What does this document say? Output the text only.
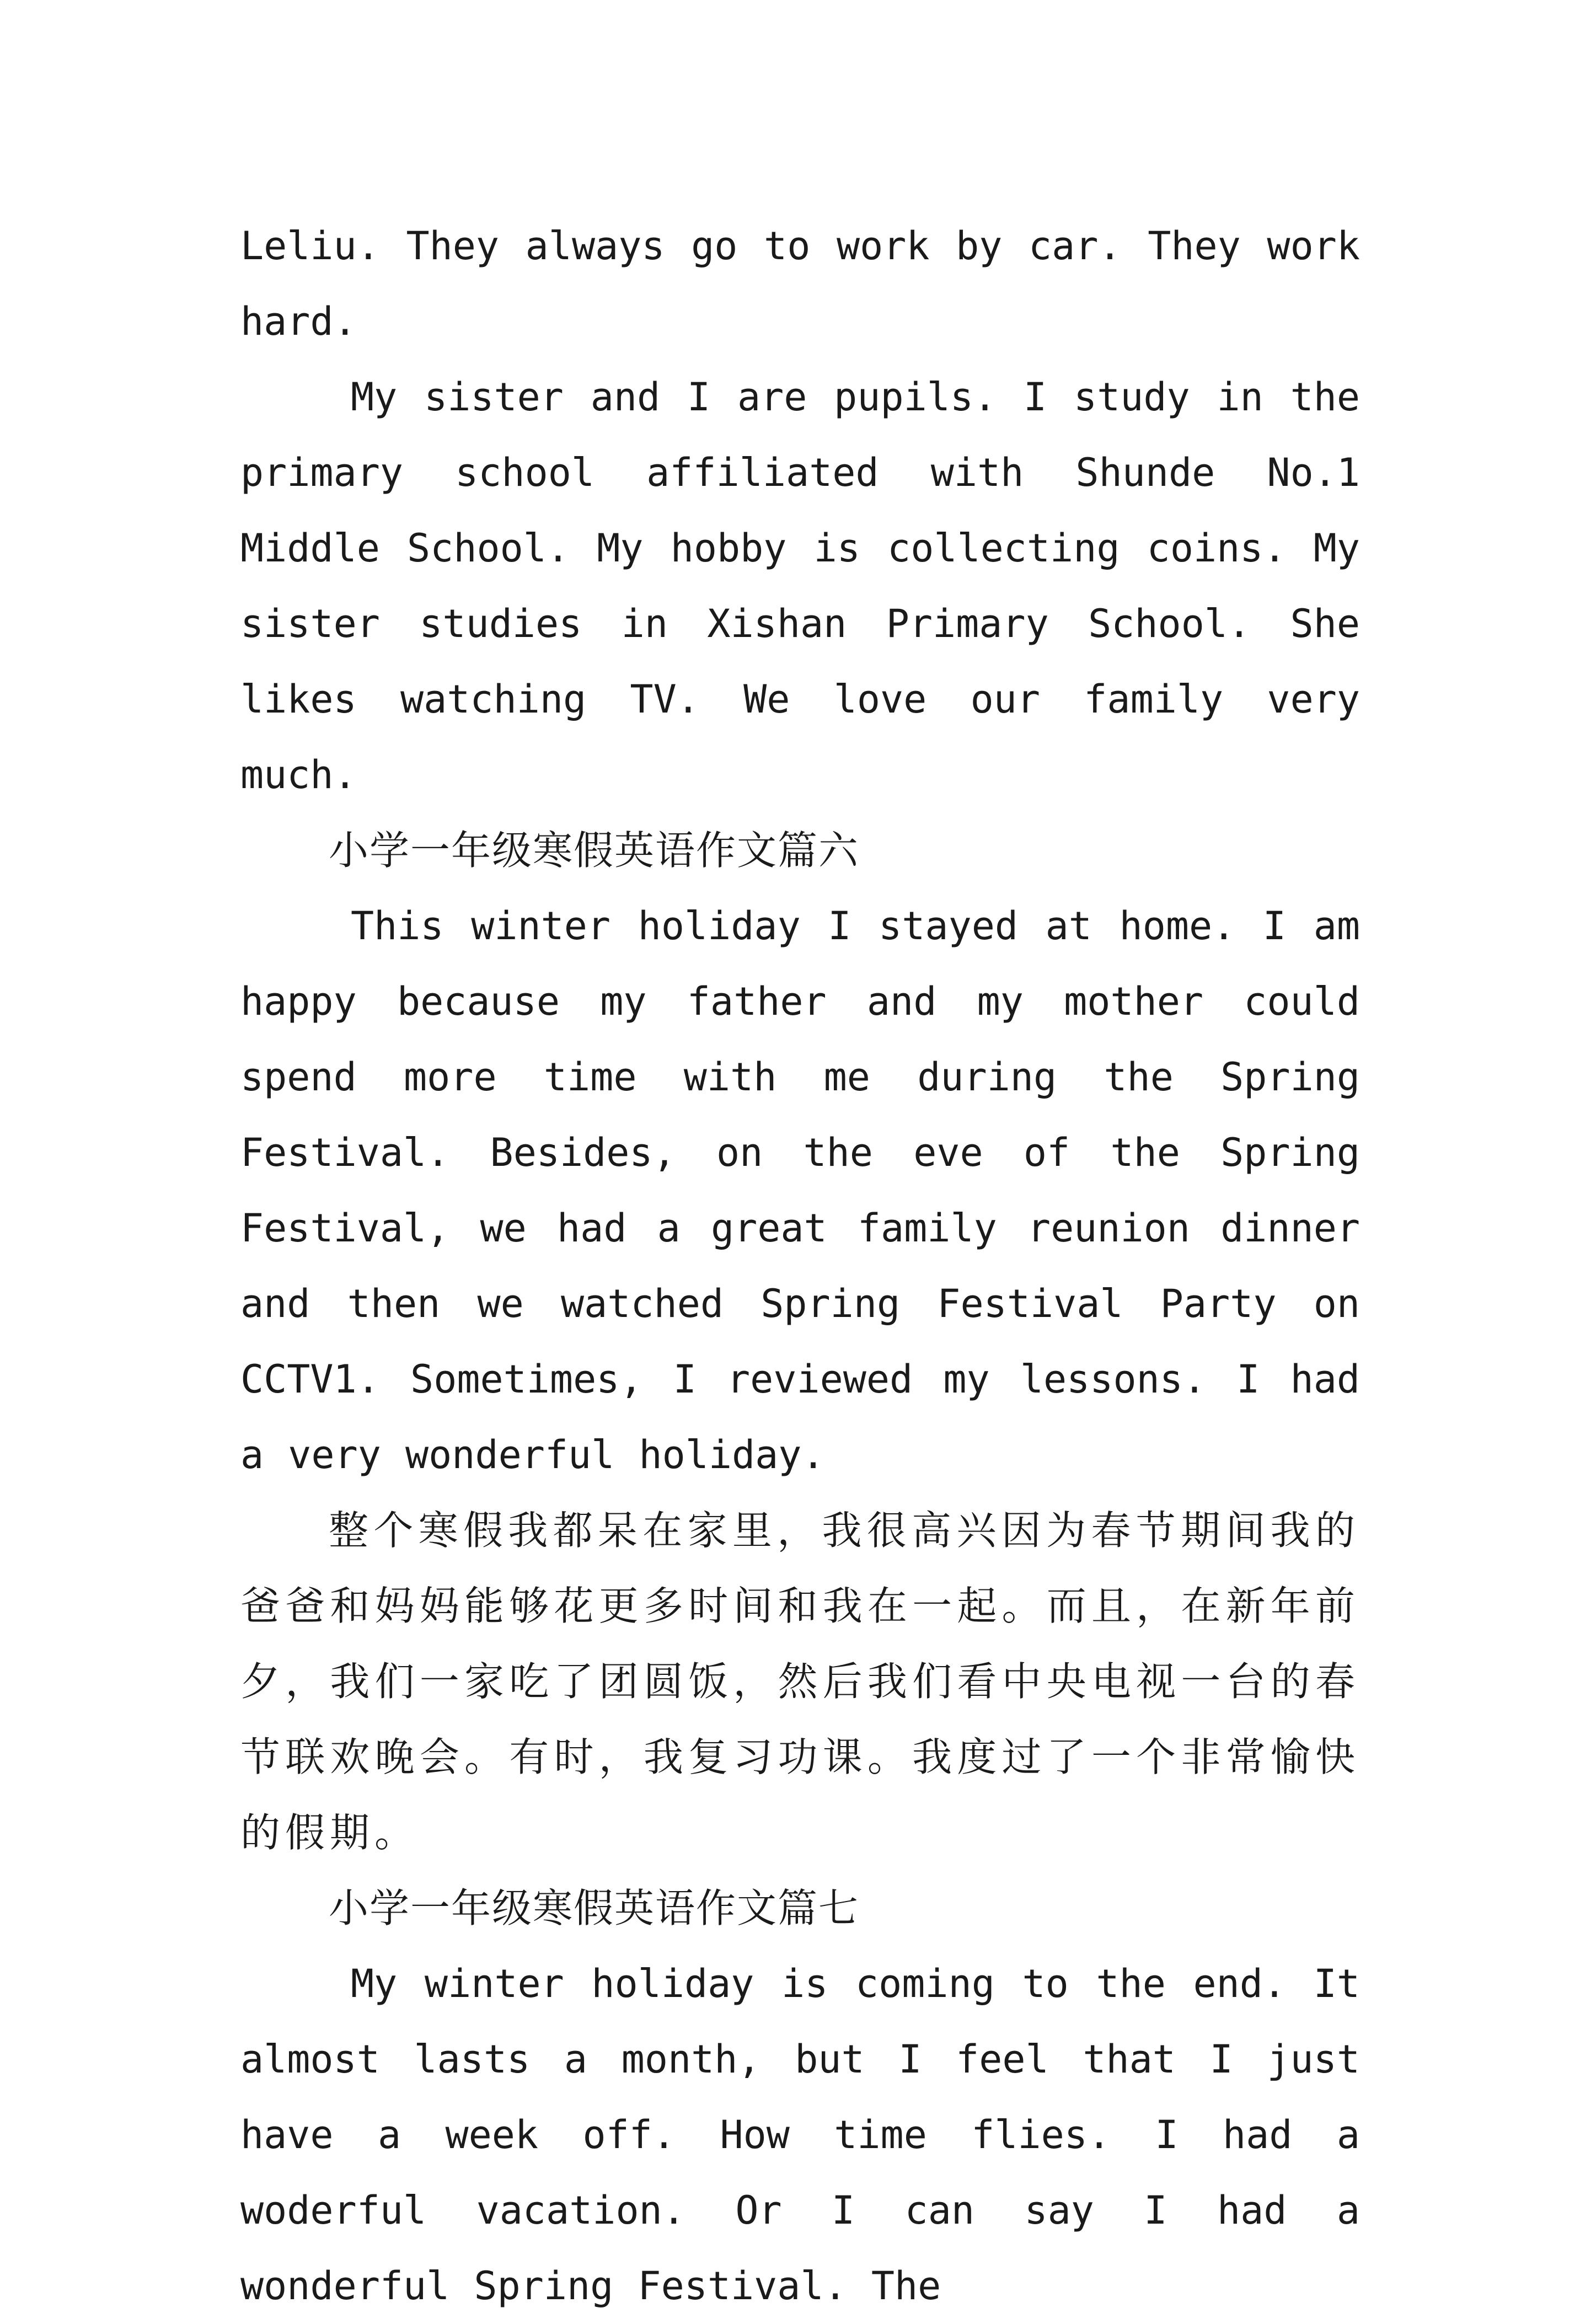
Leliu. They always go to work by car. They work hard.

My sister and I are pupils. I study in the primary school affiliated with Shunde No.1 Middle School. My hobby is collecting coins. My sister studies in Xishan Primary School. She likes watching TV. We love our family very much.

小学一年级寒假英语作文篇六

This winter holiday I stayed at home. I am happy because my father and my mother could spend more time with me during the Spring Festival. Besides, on the eve of the Spring Festival, we had a great family reunion dinner and then we watched Spring Festival Party on CCTV1. Sometimes, I reviewed my lessons. I had a very wonderful holiday.

整个寒假我都呆在家里，我很高兴因为春节期间我的爸爸和妈妈能够花更多时间和我在一起。而且，在新年前夕，我们一家吃了团圆饭，然后我们看中央电视一台的春节联欢晚会。有时，我复习功课。我度过了一个非常愉快的假期。

小学一年级寒假英语作文篇七

My winter holiday is coming to the end. It almost lasts a month, but I feel that I just have a week off. How time flies. I had a woderful vacation. Or I can say I had a wonderful Spring Festival. The
